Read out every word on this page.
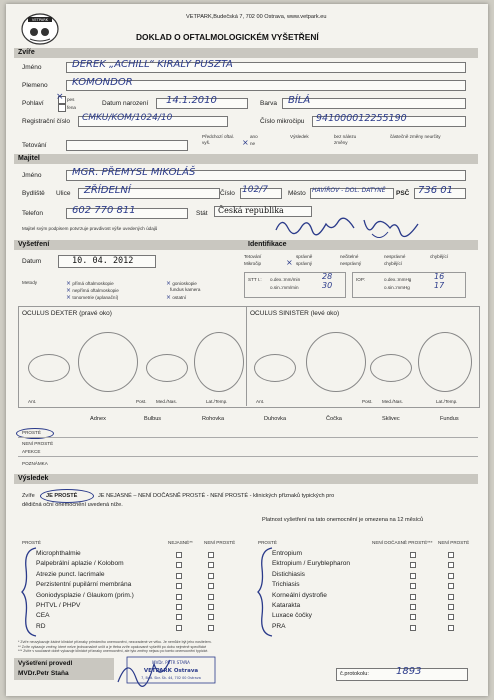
VETPARK
VETPARK,Budečská 7, 702 00 Ostrava, www.vetpark.eu
DOKLAD O OFTALMOLOGICKÉM VYŠETŘENÍ
Zvíře
Jméno	DEREK „ACHILL“ KIRALY PUSZTA
Plemeno KOMONDOR
Pohlaví
× pes
fena
Datum narození 14.1.2010	Barva BÍLÁ
Registrační číslo CMKU/KOM/1024/10	Číslo mikročipu 941000012255190
Tetování
Předchozí oftal. vyš.
ano
× ne
Výsledek	bez nálezu změny
částečně změny neurčity
Majitel
Jméno	MGR. PŘEMYSL MIKOLÁŠ
Bydliště Ulice ZŘÍDELNÍ	Číslo 102/7	Město HAVÍŘOV - DOL. DATYNĚ PSČ 736 01
Telefon	602 770 811	Stát Česká republika
Majitel svým podpisem potvrzuje pravdivost výše uvedených údajů
Vyšetření	Identifikace
Datum	10. 04. 2012	Tetování
Mikročip
správně
× správný
nečitelné
nesprávný
nesprávné
chybějící
chybějící
Metody	× přímá oftalmoskopie
× nepřímá oftalmoskopie
× tonometrie (aplanační)
× gonioskopie
fundus kamera
× ostatní
STT I.: o.dex.:mm/min
o.sin.:mm/min
28
30
IOP:	o.dex.:mmHg
o.sin.:mmHg
16
17
OCULUS DEXTER (pravé oko)	OCULUS SINISTER (levé oko)
Ant.	Post. Med./Nas.	Lat./Temp.	Ant.	Post. Med./Nas.	Lat./Temp.
Adnex	Bulbus	Rohovka	Duhovka	Čočka	Sklivec	Fundus
PROSTÉ
NENÍ PROSTÉ
AFEKCE
POZNÁMKA
Výsledek
Zvíře JE PROSTÉ	JE NEJASNÉ – NENÍ DOČASNĚ PROSTÉ - NENÍ PROSTÉ - klinických příznaků typických pro
dědičná oční onemocnění uvedená níže.
Platnost vyšetření na tato onemocnění je omezena na 12 měsíců
PROSTÉ	NEJASNÉ** NENÍ PROSTÉ	PROSTÉ	NENÍ DOČASNĚ PROSTÉ*** NENÍ PROSTÉ
Microphthalmie
Palpebrální aplazie / Kolobom
Atrezie punct. lacrimale
Perzistentní pupilární membrána
Goniodysplazie / Glaukom (prim.)
PHTVL / PHPV
CEA
RD
Entropium
Ektropium / Euryblepharon
Distichiasis
Trichiasis
Korneální dystrofie
Katarakta
Luxace čočky
PRA
* Zvíře neuvykazuje žádné klinické příznaky primárního onemocnění, nezoradené ve věku. Je nemůže být jeho nositelem.
** Zvíře vykazuje změny, které nelze jednoznačně určit a je třeba zvíře opakovaně vyšetřit po dobu nejméně specifické
*** Zvíře v současné době vykazuje klinické příznaky onemocnění, ale tyto změny nejsou po tomto onemocnění typické.
Vyšetření provedl
MVDr.Petr Staňa
MVDr. PETR STAŇA
VETPARK Ostrava
7, Bud. Sbr. Šk. 44, 702 00 Ostrava
č.protokolu:	1893
